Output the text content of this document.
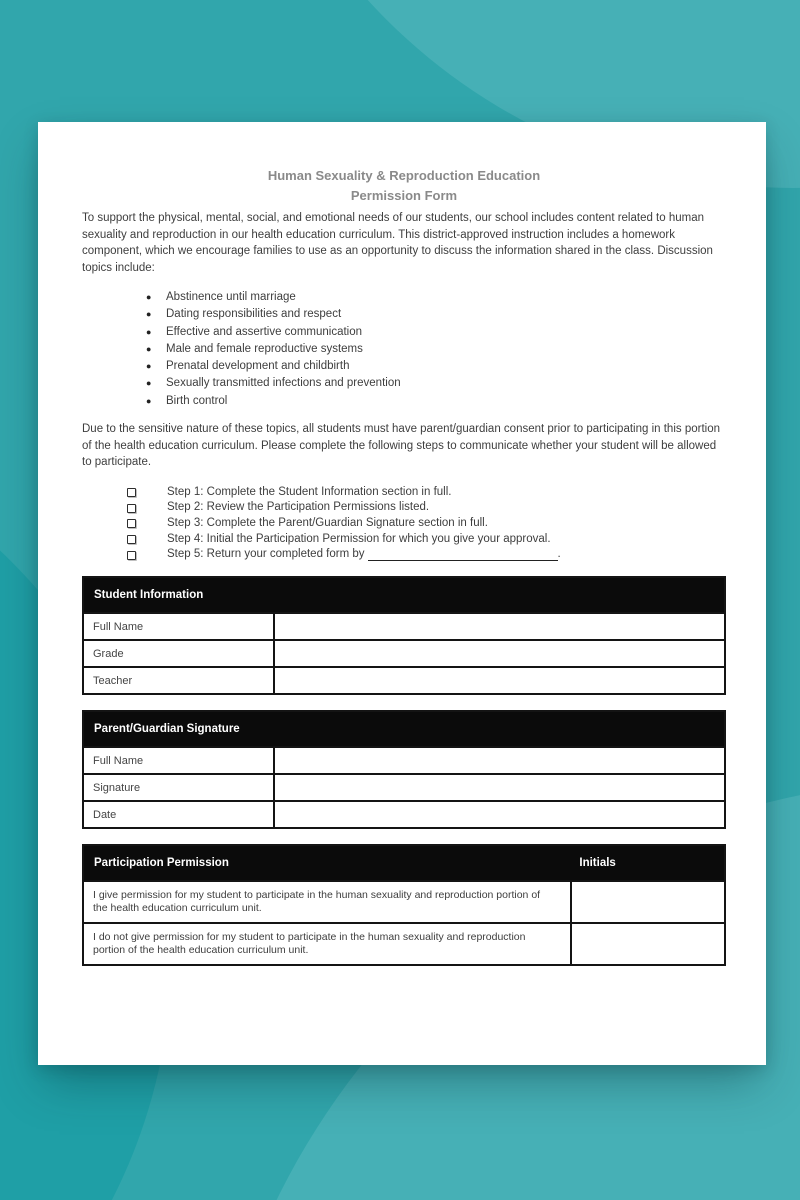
Human Sexuality & Reproduction Education
Permission Form

To support the physical, mental, social, and emotional needs of our students, our school includes content related to human sexuality and reproduction in our health education curriculum. This district-approved instruction includes a homework component, which we encourage families to use as an opportunity to discuss the information shared in the class. Discussion topics include:

●	Abstinence until marriage
●	Dating responsibilities and respect
●	Effective and assertive communication
●	Male and female reproductive systems
●	Prenatal development and childbirth
●	Sexually transmitted infections and prevention
●	Birth control

Due to the sensitive nature of these topics, all students must have parent/guardian consent prior to participating in this portion of the health education curriculum. Please complete the following steps to communicate whether your student will be allowed to participate.

Step 1: Complete the Student Information section in full.
Step 2: Review the Participation Permissions listed.
Step 3: Complete the Parent/Guardian Signature section in full.
Step 4: Initial the Participation Permission for which you give your approval.
Step 5: Return your completed form by	.
Student Information
Full Name
Grade
Teacher
Parent/Guardian Signature
Full Name
Signature
Date
Participation Permission	Initials
I give permission for my student to participate in the human sexuality and reproduction portion of the health education curriculum unit.
I do not give permission for my student to participate in the human sexuality and reproduction portion of the health education curriculum unit.
